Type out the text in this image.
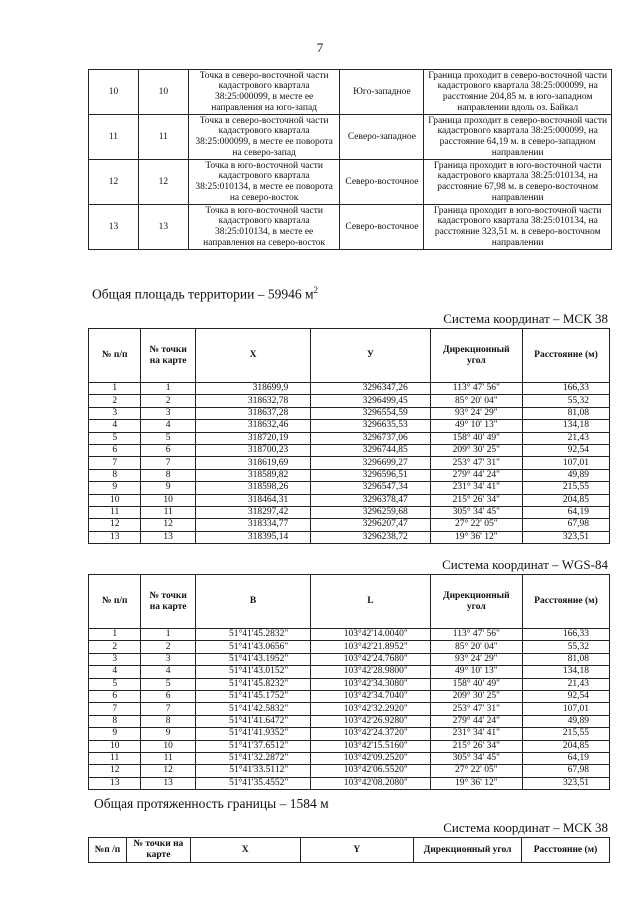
7
10	10	Точка в северо-восточной части кадастрового квартала 38:25:000099, в месте ее направления на юго-запад	Юго-западное	Граница проходит в северо-восточной части кадастрового квартала 38:25:000099, на расстояние 204,85 м. в юго-западном направлении вдоль оз. Байкал
11	11	Точка в северо-восточной части кадастрового квартала 38:25:000099, в месте ее поворота на северо-запад	Северо-западное	Граница проходит в северо-восточной части кадастрового квартала 38:25:000099, на расстояние 64,19 м. в северо-западном направлении
12	12	Точка в юго-восточной части кадастрового квартала 38:25:010134, в месте ее поворота на северо-восток	Северо-восточное	Граница проходит в юго-восточной части кадастрового квартала 38:25:010134, на расстояние 67,98 м. в северо-восточном направлении
13	13	Точка в юго-восточной части кадастрового квартала 38:25:010134, в месте ее направления на северо-восток	Северо-восточное	Граница проходит в юго-восточной части кадастрового квартала 38:25:010134, на расстояние 323,51 м. в северо-восточном направлении
Общая площадь территории – 59946 $м^2$
Система координат – МСК 38
№ п/п	№ точки на карте	X	У	Дирекционный угол	Расстояние (м)
1	1	318699,9	3296347,26	113° 47' 56"	166,33
2	2	318632,78	3296499,45	85° 20' 04"	55,32
3	3	318637,28	3296554,59	93° 24' 29"	81,08
4	4	318632,46	3296635,53	49° 10' 13"	134,18
5	5	318720,19	3296737,06	158° 40' 49"	21,43
6	6	318700,23	3296744,85	209° 30' 25"	92,54
7	7	318619,69	3296699,27	253° 47' 31"	107,01
8	8	318589,82	3296596,51	279° 44' 24"	49,89
9	9	318598,26	3296547,34	231° 34' 41"	215,55
10	10	318464,31	3296378,47	215° 26' 34"	204,85
11	11	318297,42	3296259,68	305° 34' 45"	64,19
12	12	318334,77	3296207,47	27° 22' 05"	67,98
13	13	318395,14	3296238,72	19° 36' 12"	323,51
Система координат – WGS-84
№ п/п	№ точки на карте	B	L	Дирекционный угол	Расстояние (м)
1	1	51°41'45.2832"	103°42'14.0040"	113° 47' 56"	166,33
2	2	51°41'43.0656"	103°42'21.8952"	85° 20' 04"	55,32
3	3	51°41'43.1952"	103°42'24.7680"	93° 24' 29"	81,08
4	4	51°41'43.0152"	103°42'28.9800"	49° 10' 13"	134,18
5	5	51°41'45.8232"	103°42'34.3080"	158° 40' 49"	21,43
6	6	51°41'45.1752"	103°42'34.7040"	209° 30' 25"	92,54
7	7	51°41'42.5832"	103°42'32.2920"	253° 47' 31"	107,01
8	8	51°41'41.6472"	103°42'26.9280"	279° 44' 24"	49,89
9	9	51°41'41.9352"	103°42'24.3720"	231° 34' 41"	215,55
10	10	51°41'37.6512"	103°42'15.5160"	215° 26' 34"	204,85
11	11	51°41'32.2872"	103°42'09.2520"	305° 34' 45"	64,19
12	12	51°41'33.5112"	103°42'06.5520"	27° 22' 05"	67,98
13	13	51°41'35.4552"	103°42'08.2080"	19° 36' 12"	323,51
Общая протяженность границы – 1584 м
Система координат – МСК 38
№п /п	№ точки на карте	X	Y	Дирекционный угол	Расстояние (м)
